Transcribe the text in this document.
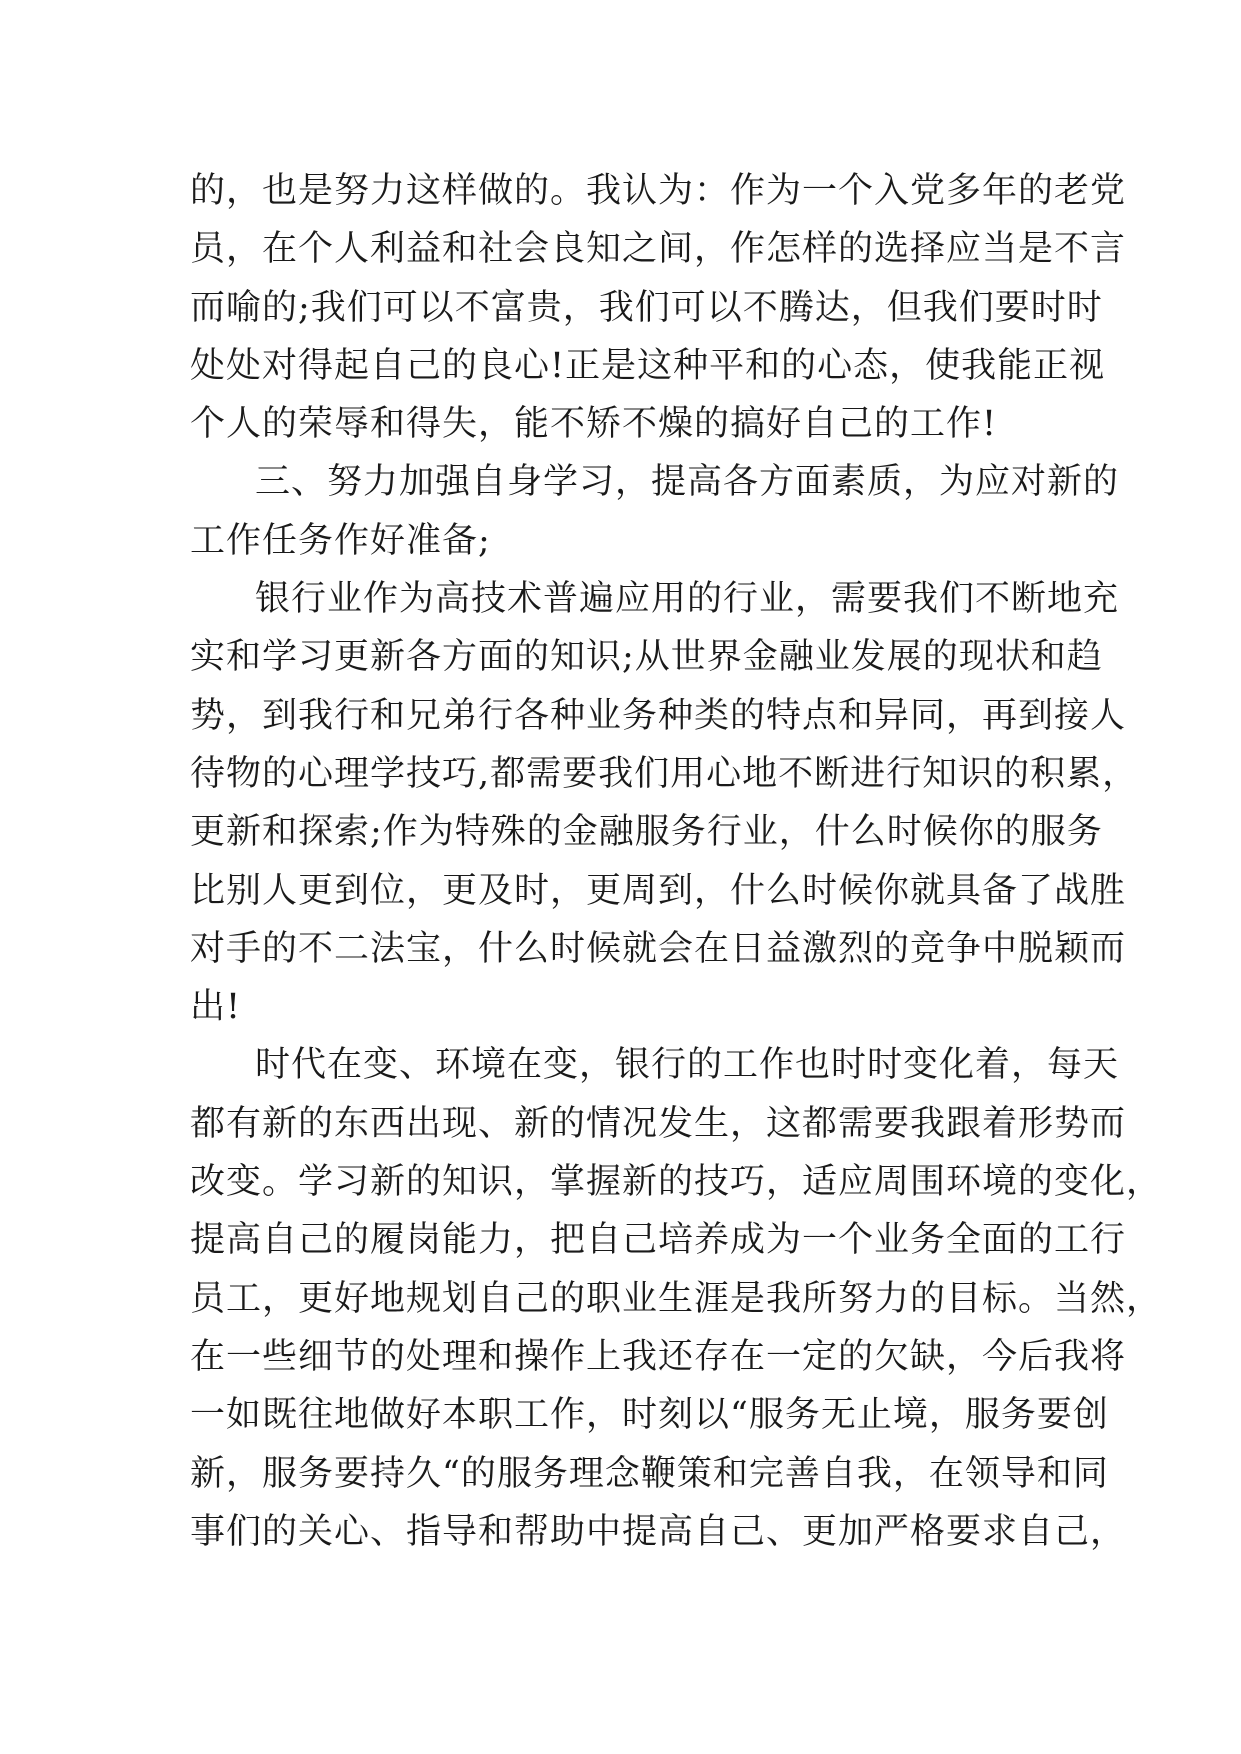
的，也是努力这样做的。我认为：作为一个入党多年的老党
员，在个人利益和社会良知之间，作怎样的选择应当是不言
而喻的;我们可以不富贵，我们可以不腾达，但我们要时时
处处对得起自己的良心!正是这种平和的心态，使我能正视
个人的荣辱和得失，能不矫不燥的搞好自己的工作!
三、努力加强自身学习，提高各方面素质，为应对新的
工作任务作好准备;
银行业作为高技术普遍应用的行业，需要我们不断地充
实和学习更新各方面的知识;从世界金融业发展的现状和趋
势，到我行和兄弟行各种业务种类的特点和异同，再到接人
待物的心理学技巧,都需要我们用心地不断进行知识的积累，
更新和探索;作为特殊的金融服务行业，什么时候你的服务
比别人更到位，更及时，更周到，什么时候你就具备了战胜
对手的不二法宝，什么时候就会在日益激烈的竞争中脱颖而
出!
时代在变、环境在变，银行的工作也时时变化着，每天
都有新的东西出现、新的情况发生，这都需要我跟着形势而
改变。学习新的知识，掌握新的技巧，适应周围环境的变化，
提高自己的履岗能力，把自己培养成为一个业务全面的工行
员工，更好地规划自己的职业生涯是我所努力的目标。当然，
在一些细节的处理和操作上我还存在一定的欠缺，今后我将
一如既往地做好本职工作，时刻以“服务无止境，服务要创
新，服务要持久“的服务理念鞭策和完善自我，在领导和同
事们的关心、指导和帮助中提高自己、更加严格要求自己，
